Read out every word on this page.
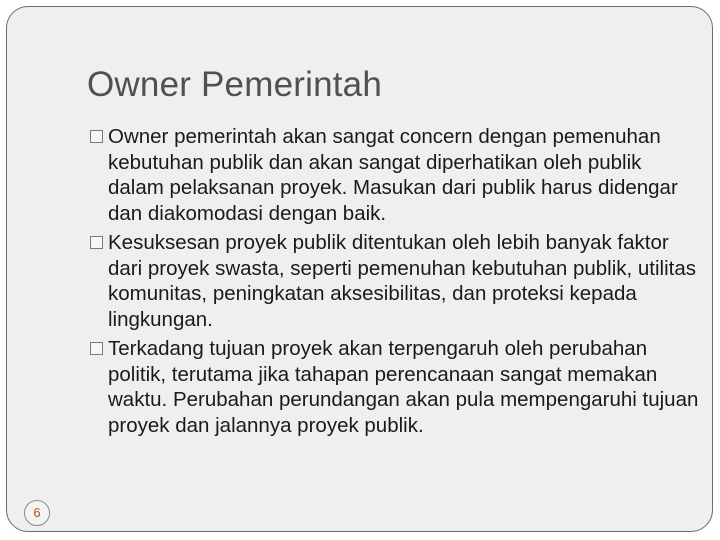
Owner Pemerintah
Owner pemerintah akan sangat concern dengan pemenuhan kebutuhan publik dan akan sangat diperhatikan oleh publik dalam pelaksanan proyek. Masukan dari publik harus didengar dan diakomodasi dengan baik.
Kesuksesan proyek publik ditentukan oleh lebih banyak faktor dari proyek swasta, seperti pemenuhan kebutuhan publik, utilitas komunitas, peningkatan aksesibilitas, dan proteksi kepada lingkungan.
Terkadang tujuan proyek akan terpengaruh oleh perubahan politik, terutama jika tahapan perencanaan sangat memakan waktu. Perubahan perundangan akan pula mempengaruhi tujuan proyek dan jalannya proyek publik.
6
